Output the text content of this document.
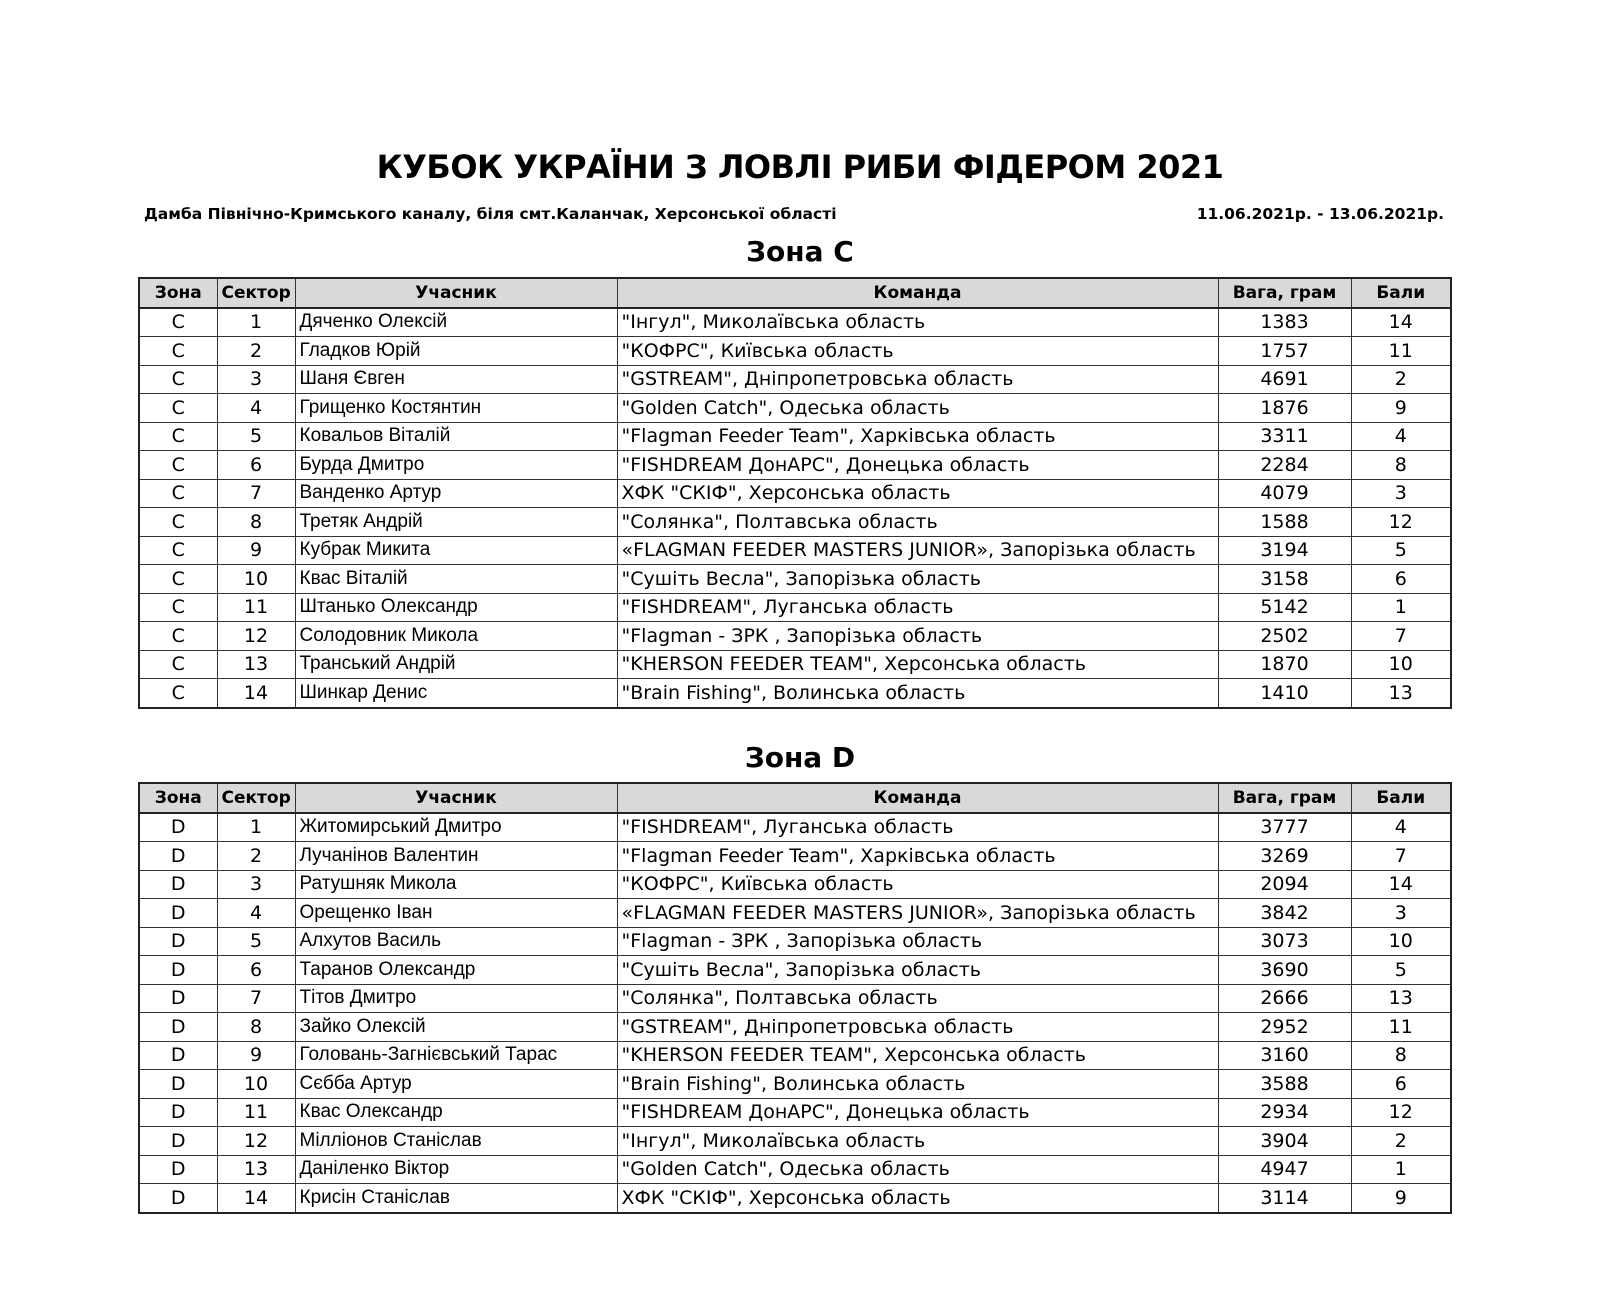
КУБОК УКРАЇНИ З ЛОВЛІ РИБИ ФІДЕРОМ 2021
Дамба Північно-Кримського каналу, біля смт.Каланчак, Херсонської області	11.06.2021р. - 13.06.2021р.
Зона С
Зона	Сектор	Учасник	Команда	Вага, грам	Бали
С	1	Дяченко Олексій	"Інгул", Миколаївська область	1383	14
С	2	Гладков Юрій	"КОФРС", Київська область	1757	11
С	3	Шаня Євген	"GSTREAM", Дніпропетровська область	4691	2
С	4	Грищенко Костянтин	"Golden Catch", Одеська область	1876	9
С	5	Ковальов Віталій	"Flagman Feeder Team", Харківська область	3311	4
С	6	Бурда Дмитро	"FISHDREAM ДонАРС", Донецька область	2284	8
С	7	Ванденко Артур	ХФК "СКІФ", Херсонська область	4079	3
С	8	Третяк Андрій	"Солянка", Полтавська область	1588	12
С	9	Кубрак Микита	«FLAGMAN FEEDER MASTERS JUNIOR», Запорізька область	3194	5
С	10	Квас Віталій	"Сушіть Весла", Запорізька область	3158	6
С	11	Штанько Олександр	"FISHDREAM", Луганська область	5142	1
С	12	Солодовник Микола	"Flagman - ЗРК , Запорізька область	2502	7
С	13	Транський Андрій	"KHERSON FEEDER TEAM", Херсонська область	1870	10
С	14	Шинкар Денис	"Brain Fishing", Волинська область	1410	13
Зона D
Зона	Сектор	Учасник	Команда	Вага, грам	Бали
D	1	Житомирський Дмитро	"FISHDREAM", Луганська область	3777	4
D	2	Лучанінов Валентин	"Flagman Feeder Team", Харківська область	3269	7
D	3	Ратушняк Микола	"КОФРС", Київська область	2094	14
D	4	Орещенко Іван	«FLAGMAN FEEDER MASTERS JUNIOR», Запорізька область	3842	3
D	5	Алхутов Василь	"Flagman - ЗРК , Запорізька область	3073	10
D	6	Таранов Олександр	"Сушіть Весла", Запорізька область	3690	5
D	7	Тітов Дмитро	"Солянка", Полтавська область	2666	13
D	8	Зайко Олексій	"GSTREAM", Дніпропетровська область	2952	11
D	9	Головань-Загнієвський Тарас	"KHERSON FEEDER TEAM", Херсонська область	3160	8
D	10	Сєбба Артур	"Brain Fishing", Волинська область	3588	6
D	11	Квас Олександр	"FISHDREAM ДонАРС", Донецька область	2934	12
D	12	Мілліонов Станіслав	"Інгул", Миколаївська область	3904	2
D	13	Даніленко Віктор	"Golden Catch", Одеська область	4947	1
D	14	Крисін Станіслав	ХФК "СКІФ", Херсонська область	3114	9
